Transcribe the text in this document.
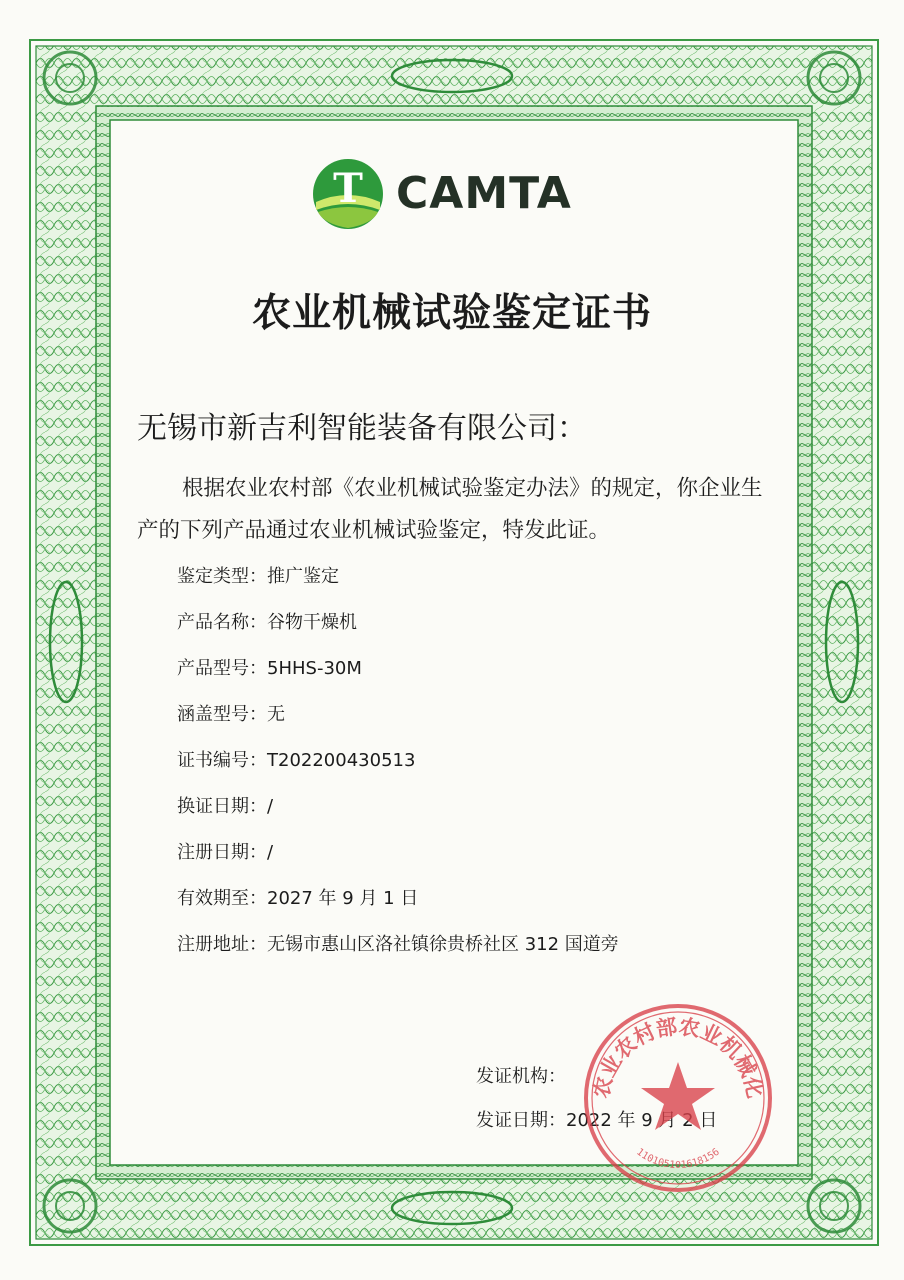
T CAMTA
农业机械试验鉴定证书
无锡市新吉利智能装备有限公司：
根据农业农村部《农业机械试验鉴定办法》的规定，你企业生产的下列产品通过农业机械试验鉴定，特发此证。
鉴定类型：推广鉴定
产品名称：谷物干燥机
产品型号：5HHS-30M
涵盖型号：无
证书编号：T202200430513
换证日期：/
注册日期：/
有效期至：2027 年 9 月 1 日
注册地址：无锡市惠山区洛社镇徐贵桥社区 312 国道旁
发证机构：
发证日期：2022 年 9 月 2 日
农业农村部农业机械化
110105101618156
